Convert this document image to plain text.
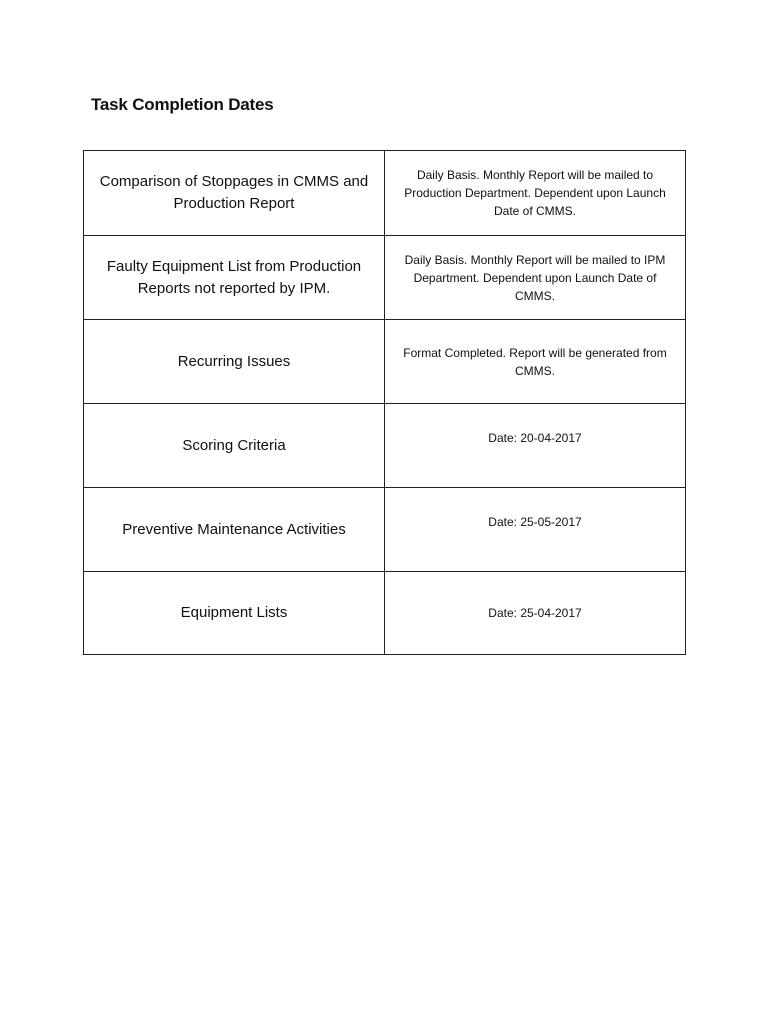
Task Completion Dates
Comparison of Stoppages in CMMS and Production Report	Daily Basis. Monthly Report will be mailed to Production Department. Dependent upon Launch Date of CMMS.
Faulty Equipment List from Production Reports not reported by IPM.	Daily Basis. Monthly Report will be mailed to IPM Department. Dependent upon Launch Date of CMMS.
Recurring Issues	Format Completed. Report will be generated from CMMS.
Scoring Criteria	Date: 20-04-2017
Preventive Maintenance Activities	Date: 25-05-2017
Equipment Lists	Date: 25-04-2017
